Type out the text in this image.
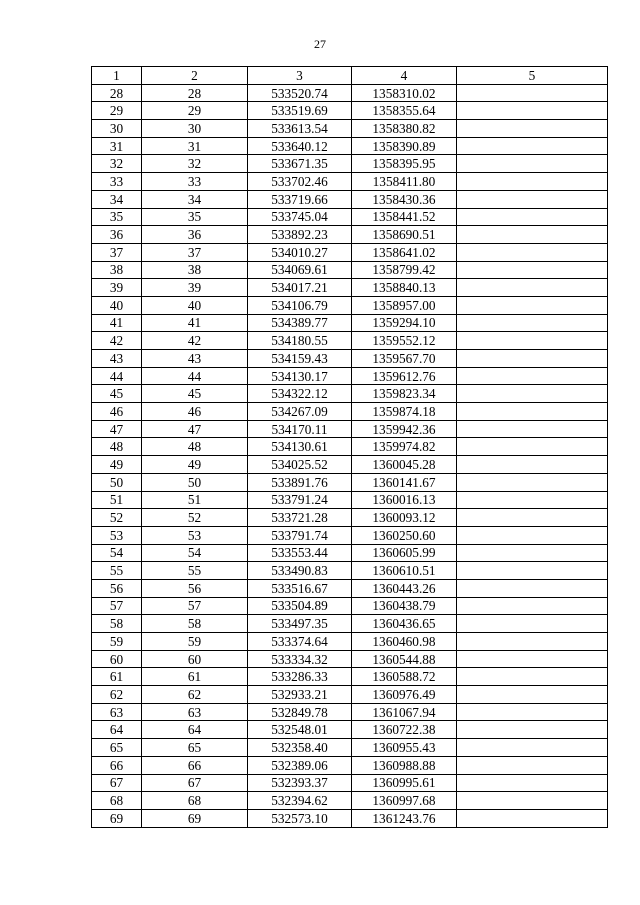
27
1	2	3	4	5
28	28	533520.74	1358310.02	
29	29	533519.69	1358355.64	
30	30	533613.54	1358380.82	
31	31	533640.12	1358390.89	
32	32	533671.35	1358395.95	
33	33	533702.46	1358411.80	
34	34	533719.66	1358430.36	
35	35	533745.04	1358441.52	
36	36	533892.23	1358690.51	
37	37	534010.27	1358641.02	
38	38	534069.61	1358799.42	
39	39	534017.21	1358840.13	
40	40	534106.79	1358957.00	
41	41	534389.77	1359294.10	
42	42	534180.55	1359552.12	
43	43	534159.43	1359567.70	
44	44	534130.17	1359612.76	
45	45	534322.12	1359823.34	
46	46	534267.09	1359874.18	
47	47	534170.11	1359942.36	
48	48	534130.61	1359974.82	
49	49	534025.52	1360045.28	
50	50	533891.76	1360141.67	
51	51	533791.24	1360016.13	
52	52	533721.28	1360093.12	
53	53	533791.74	1360250.60	
54	54	533553.44	1360605.99	
55	55	533490.83	1360610.51	
56	56	533516.67	1360443.26	
57	57	533504.89	1360438.79	
58	58	533497.35	1360436.65	
59	59	533374.64	1360460.98	
60	60	533334.32	1360544.88	
61	61	533286.33	1360588.72	
62	62	532933.21	1360976.49	
63	63	532849.78	1361067.94	
64	64	532548.01	1360722.38	
65	65	532358.40	1360955.43	
66	66	532389.06	1360988.88	
67	67	532393.37	1360995.61	
68	68	532394.62	1360997.68	
69	69	532573.10	1361243.76	
